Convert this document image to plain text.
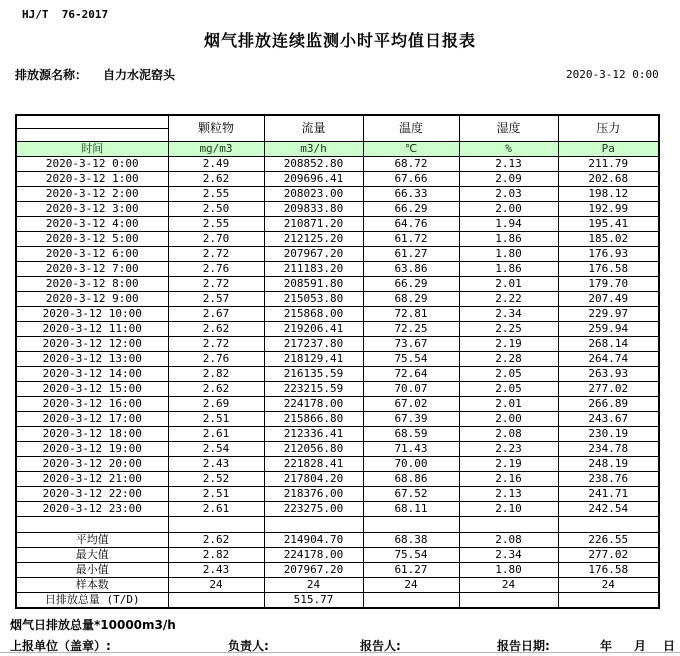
HJ/T  76-2017
烟气排放连续监测小时平均值日报表
排放源名称： 自力水泥窑头	2020-3-12 0:00
	颗粒物	流量	温度	湿度	压力

时间	mg/m3	m3/h	℃	%	Pa
2020-3-12 0:00	2.49	208852.80	68.72	2.13	211.79
2020-3-12 1:00	2.62	209696.41	67.66	2.09	202.68
2020-3-12 2:00	2.55	208023.00	66.33	2.03	198.12
2020-3-12 3:00	2.50	209833.80	66.29	2.00	192.99
2020-3-12 4:00	2.55	210871.20	64.76	1.94	195.41
2020-3-12 5:00	2.70	212125.20	61.72	1.86	185.02
2020-3-12 6:00	2.72	207967.20	61.27	1.80	176.93
2020-3-12 7:00	2.76	211183.20	63.86	1.86	176.58
2020-3-12 8:00	2.72	208591.80	66.29	2.01	179.70
2020-3-12 9:00	2.57	215053.80	68.29	2.22	207.49
2020-3-12 10:00	2.67	215868.00	72.81	2.34	229.97
2020-3-12 11:00	2.62	219206.41	72.25	2.25	259.94
2020-3-12 12:00	2.72	217237.80	73.67	2.19	268.14
2020-3-12 13:00	2.76	218129.41	75.54	2.28	264.74
2020-3-12 14:00	2.82	216135.59	72.64	2.05	263.93
2020-3-12 15:00	2.62	223215.59	70.07	2.05	277.02
2020-3-12 16:00	2.69	224178.00	67.02	2.01	266.89
2020-3-12 17:00	2.51	215866.80	67.39	2.00	243.67
2020-3-12 18:00	2.61	212336.41	68.59	2.08	230.19
2020-3-12 19:00	2.54	212056.80	71.43	2.23	234.78
2020-3-12 20:00	2.43	221828.41	70.00	2.19	248.19
2020-3-12 21:00	2.52	217804.20	68.86	2.16	238.76
2020-3-12 22:00	2.51	218376.00	67.52	2.13	241.71
2020-3-12 23:00	2.61	223275.00	68.11	2.10	242.54

平均值	2.62	214904.70	68.38	2.08	226.55
最大值	2.82	224178.00	75.54	2.34	277.02
最小值	2.43	207967.20	61.27	1.80	176.58
样本数	24	24	24	24	24
日排放总量 (T/D)		515.77			
烟气日排放总量*10000m3/h
上报单位（盖章）:	负责人:	报告人:	报告日期:	年 月 日
